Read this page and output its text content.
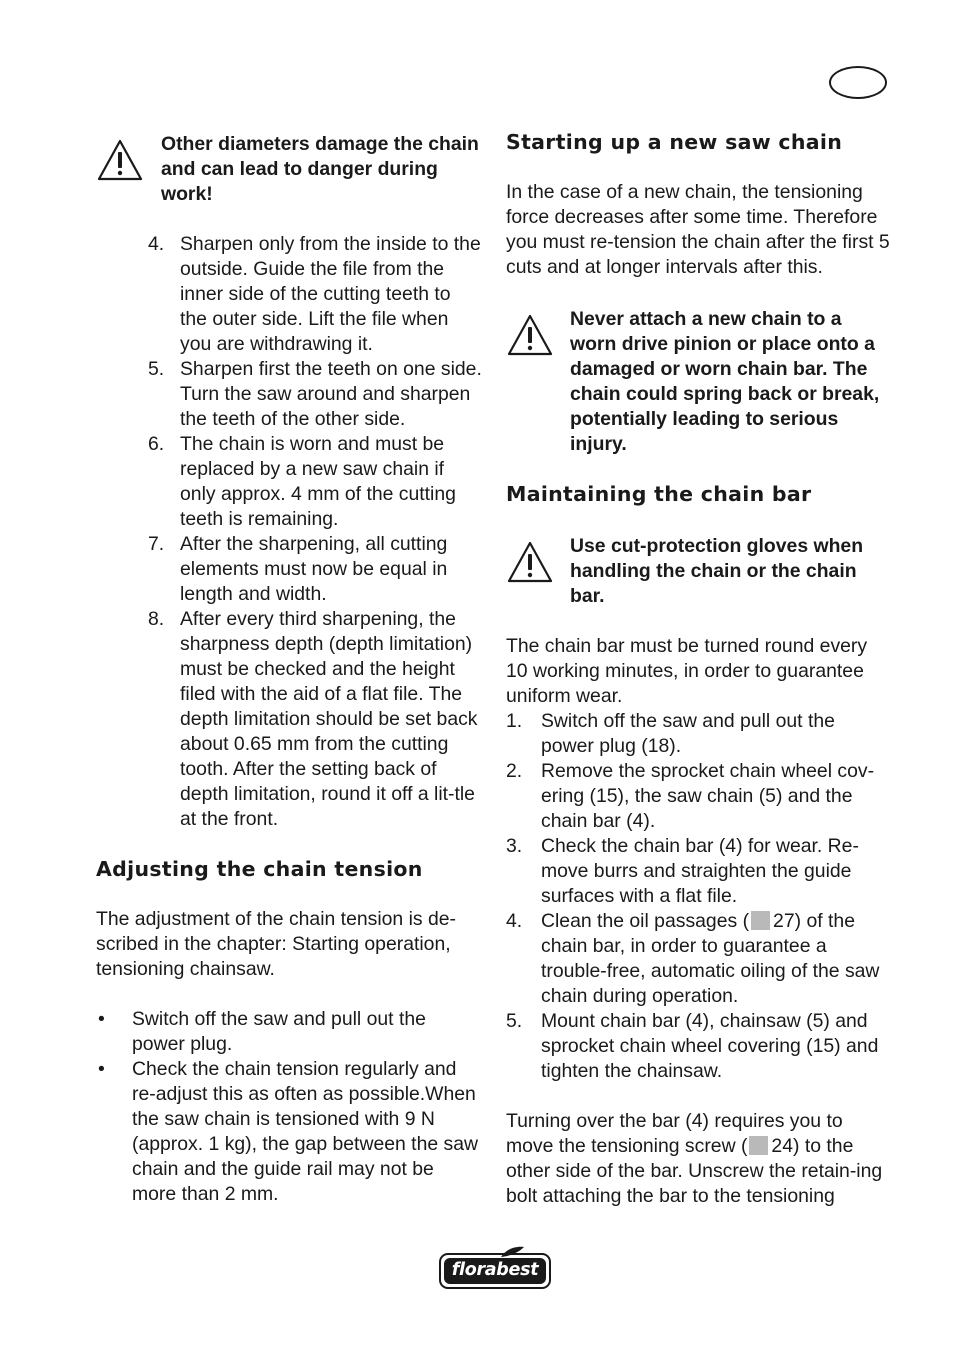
Other diameters damage the chain and can lead to danger during work!
4. Sharpen only from the inside to the outside. Guide the file from the inner side of the cutting teeth to the outer side. Lift the file when you are withdrawing it.
5. Sharpen first the teeth on one side. Turn the saw around and sharpen the teeth of the other side.
6. The chain is worn and must be replaced by a new saw chain if only approx. 4 mm of the cutting teeth is remaining.
7. After the sharpening, all cutting elements must now be equal in length and width.
8. After every third sharpening, the sharpness depth (depth limitation) must be checked and the height filed with the aid of a flat file. The depth limitation should be set back about 0.65 mm from the cutting tooth. After the setting back of depth limitation, round it off a lit-tle at the front.
Adjusting the chain tension

The adjustment of the chain tension is de-scribed in the chapter: Starting operation, tensioning chainsaw.

• Switch off the saw and pull out the power plug.
• Check the chain tension regularly and re-adjust this as often as possible.When the saw chain is tensioned with 9 N (approx. 1 kg), the gap between the saw chain and the guide rail may not be more than 2 mm.
Starting up a new saw chain

In the case of a new chain, the tensioning force decreases after some time. Therefore you must re-tension the chain after the first 5 cuts and at longer intervals after this.

Never attach a new chain to a worn drive pinion or place onto a damaged or worn chain bar. The chain could spring back or break, potentially leading to serious injury.
Maintaining the chain bar
Use cut-protection gloves when handling the chain or the chain bar.

The chain bar must be turned round every 10 working minutes, in order to guarantee uniform wear.

1. Switch off the saw and pull out the power plug (18).
2. Remove the sprocket chain wheel cov-ering (15), the saw chain (5) and the chain bar (4).
3. Check the chain bar (4) for wear. Re-move burrs and straighten the guide surfaces with a flat file.
4. Clean the oil passages ( 27) of the chain bar, in order to guarantee a trouble-free, automatic oiling of the saw chain during operation.
5. Mount chain bar (4), chainsaw (5) and sprocket chain wheel covering (15) and tighten the chainsaw.

Turning over the bar (4) requires you to move the tensioning screw ( 24) to the other side of the bar. Unscrew the retain-ing bolt attaching the bar to the tensioning

florabest
